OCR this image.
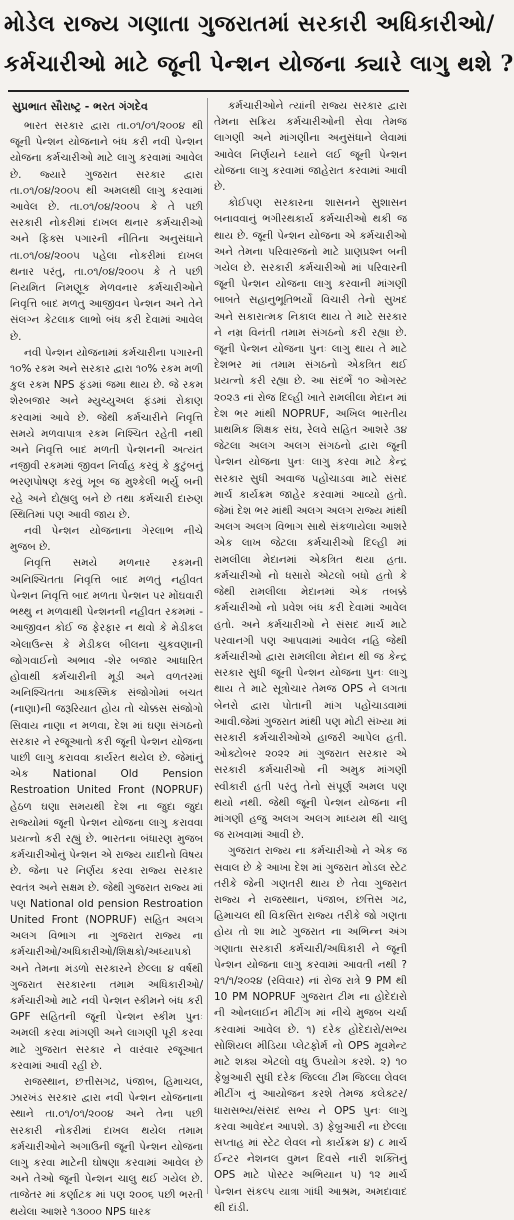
મોડેલ રાજ્ય ગણાતા ગુજરાતમાં સરકારી અધિકારીઓ/
કર્મચારીઓ માટે જૂની પેન્શન યોજના ક્યારે લાગુ થશે ?
સુપ્રભાત સૌરાષ્ટ્ર - ભરત ગંગદેવ

ભારત સરકાર દ્વારા તા.૦૧/૦૧/૨૦૦૪ થી જૂની પેન્શન યોજનાને બંધ કરી નવી પેન્શન યોજના કર્મચારીઓ માટે લાગુ કરવામાં આવેલ છે. જ્યારે ગુજરાત સરકાર દ્વારા તા.૦૧/૦૪/૨૦૦૫ થી અમલથી લાગુ કરવામાં આવેલ છે. તા.૦૧/૦૪/૨૦૦૫ કે તે પછી સરકારી નોકરીમાં દાખલ થનાર કર્મચારીઓ અને ફિક્સ પગારની નીતિના અનુસંધાને તા.૦૧/૦૪/૨૦૦૫ પહેલા નોકરીમાં દાખલ થનાર પરંતુ, તા.૦૧/૦૪/૨૦૦૫ કે તે પછી નિયમિત નિમણૂક મેળવનાર કર્મચારીઓને નિવૃત્તિ બાદ મળતુ આજીવન પેન્શન અને તેને સંલગ્ન કેટલાક લાભો બંધ કરી દેવામાં આવેલ છે.

નવી પેન્શન યોજનામાં કર્મચારીના પગારની ૧૦% રકમ અને સરકાર દ્વારા ૧૦% રકમ મળી કુલ રકમ NPS ફંડમાં જમા થાય છે. જે રકમ શેરબજાર અને મ્યુચ્યુઅલ ફંડમાં રોકાણ કરવામાં આવે છે. જેથી કર્મચારીને નિવૃત્તિ સમયે મળવાપાત્ર રકમ નિશ્ચિત રહેતી નથી અને નિવૃત્તિ બાદ મળતી પેન્શનની અત્યંત નજીવી રકમમાં જીવન નિર્વાહ કરવું કે કુટુંબનું ભરણપોષણ કરવું ખૂબ જ મુશ્કેલી ભર્યુ બની રહે અને દોહ્યલુ બને છે તથા કર્મચારી દારુણ સ્થિતિમાં પણ આવી જાય છે.

નવી પેન્શન યોજનાના ગેરલાભ નીચે મુજબ છે.

નિવૃત્તિ સમયે મળનાર રકમની અનિશ્ચિતતા નિવૃત્તિ બાદ મળતું નહીવત પેન્શન નિવૃત્તિ બાદ મળતા પેન્શન પર મોંઘવારી ભથ્થુ ન મળવાથી પેન્શનની નહીવત રકમમાં - આજીવન કોઈ જ ફેરફાર ન થવો કે મેડીકલ એલાઉન્સ કે મેડીકલ બીલના ચુકવણાની જોગવાઈનો અભાવ -શેર બજાર આધારિત હોવાથી કર્મચારીની મૂડી અને વળતરમાં અનિશ્ચિતતા આકસ્મિક સંજોગોમાં બચત (નાણા)ની જરૂરિયાત હોય તો ચોક્કસ સંજોગો સિવાય નાણા ન મળવા, દેશ માં ઘણા સંગઠનો સરકાર ને રજૂઆતો કરી જૂની પેન્શન યોજના પાછી લાગુ કરાવવા કાર્યરત થયેલ છે. જેમાંનું એક National Old Pension Restroation United Front (NOPRUF) હેઠળ ઘણા સમયથી દેશ ના જુદા જુદા રાજ્યોમાં જૂની પેન્શન યોજના લાગુ કરાવવા પ્રયત્નો કરી રહ્યું છે. ભારતના બંધારણ મુજબ કર્મચારીઓનું પેન્શન એ રાજ્ય યાદીનો વિષય છે. જેના પર નિર્ણય કરવા રાજ્ય સરકાર સ્વતંત્ર અને સક્ષમ છે. જેથી ગુજરાત રાજ્ય માં પણ National old pension Restroation United Front (NOPRUF) સહિત અલગ અલગ વિભાગ ના ગુજરાત રાજ્ય ના કર્મચારીઓ/અધિકારીઓ/શિક્ષકો/અધ્યાપકો અને તેમના મંડળો સરકારને છેલ્લા ૪ વર્ષથી ગુજરાત સરકારના તમામ અધિકારીઓ/કર્મચારીઓ માટે નવી પેન્શન સ્કીમને બંધ કરી GPF સહિતની જૂની પેન્શન સ્કીમ પુનઃ અમલી કરવા માંગણી અને લાગણી પૂરી કરવા માટે ગુજરાત સરકાર ને વારંવાર રજૂઆત કરવામાં આવી રહી છે.

રાજસ્થાન, છત્તીસગઢ, પંજાબ, હિમાચલ, ઝારખંડ સરકાર દ્વારા નવી પેન્શન યોજનાના સ્થાને તા.૦૧/૦૧/૨૦૦૪ અને તેના પછી સરકારી નોકરીમાં દાખલ થયેલ તમામ કર્મચારીઓને અગાઉની જૂની પેન્શન યોજના લાગુ કરવા માટેની ઘોષણા કરવામાં આવેલ છે અને તેઓ જૂની પેન્શન ચાલુ થઈ ગયેલ છે. તાજેતર માં કર્ણાટક માં પણ ૨૦૦૬ પછી ભરતી થયેલા આશરે ૧૩૦૦૦ NPS ધારક

કર્મચારીઓને ત્યાંની રાજ્ય સરકાર દ્વારા તેમના સક્રિય કર્મચારીઓની સેવા તેમજ લાગણી અને માંગણીના અનુસંધાને લેવામાં આવેલ નિર્ણયને ધ્યાને લઈ જૂની પેન્શન યોજના લાગુ કરવામાં જાહેરાત કરવામાં આવી છે.

કોઈપણ સરકારના શાસનને સુશાસન બનાવવાનું ભગીરથકાર્ય કર્મચારીઓ થકી જ થાય છે. જૂની પેન્શન યોજના એ કર્મચારીઓ અને તેમના પરિવારજનો માટે પ્રાણપ્રશ્ન બની ગયેલ છે. સરકારી કર્મચારીઓ માં પરિવારની જૂની પેન્શન યોજના લાગુ કરવાની માંગણી બાબતે સહાનુભૂતિભર્યો વિચારી તેનો સુખદ અને સકારાત્મક નિકાલ થાય તે માટે સરકાર ને નમ્ર વિનંતી તમામ સંગઠનો કરી રહ્યા છે. જૂની પેન્શન યોજના પુનઃ લાગુ થાય તે માટે દેશભર માં તમામ સંગઠનો એકત્રિત થઈ પ્રયત્નો કરી રહ્યા છે. આ સંદર્ભે ૧૦ ઓગસ્ટ ૨૦૨૩ નાં રોજ દિલ્હી ખાતે રામલીલા મેદાન માં દેશ ભર માંથી NOPRUF, અખિલ ભારતીય પ્રાથમિક શિક્ષક સંઘ, રેલવે સહિત આશરે ૩૪ જેટલા અલગ અલગ સંગઠનો દ્વારા જૂની પેન્શન યોજના પુનઃ લાગુ કરવા માટે કેન્દ્ર સરકાર સુધી અવાજ પહોંચાડવા માટે સંસદ માર્ચ કાર્યક્રમ જાહેર કરવામાં આવ્યો હતો. જેમાં દેશ ભર માંથી અલગ અલગ રાજ્ય માંથી અલગ અલગ વિભાગ સાથે સંકળાયેલા આશરે એક લાખ જેટલા કર્મચારીઓ દિલ્હી માં રામલીલા મેદાનમાં એકત્રિત થયા હતા. કર્મચારીઓ નો ધસારો એટલો બધો હતો કે જેથી રામલીલા મેદાનમાં એક તબક્કે કર્મચારીઓ નો પ્રવેશ બંધ કરી દેવામાં આવેલ હતો. અને કર્મચારીઓ ને સંસદ માર્ચ માટે પરવાનગી પણ આપવામાં આવેલ નહિ જેથી કર્મચારીઓ દ્વારા રામલીલા મેદાન થી જ કેન્દ્ર સરકાર સુધી જૂની પેન્શન યોજના પુનઃ લાગુ થાય તે માટે સૂત્રોચાર તેમજ OPS ને લગતા બેનરો દ્વારા પોતાની માંગ પહોંચાડવામાં આવી.જેમાં ગુજરાત માંથી પણ મોટી સંખ્યા માં સરકારી કર્મચારીઓએ હાજરી આપેલ હતી. ઓક્ટોબર ૨૦૨૨ માં ગુજરાત સરકાર એ સરકારી કર્મચારીઓ ની અમુક માંગણી સ્વીકારી હતી પરંતુ તેનો સંપૂર્ણ અમલ પણ થયો નથી. જેથી જૂની પેન્શન યોજના ની માંગણી હજુ અલગ અલગ માધ્યમ થી ચાલુ જ રાખવામાં આવી છે.

ગુજરાત રાજ્ય ના કર્મચારીઓ ને એક જ સવાલ છે કે આખા દેશ માં ગુજરાત મોડલ સ્ટેટ તરીકે જેની ગણતરી થાય છે તેવા ગુજરાત રાજ્ય ને રાજસ્થાન, પંજાબ, છત્તિસ ગઢ, હિમાચલ થી વિકસિત રાજ્ય તરીકે જો ગણતા હોય તો શા માટે ગુજરાત ના અભિન્ન અંગ ગણાતા સરકારી કર્મચારી/અધિકારી ને જૂની પેન્શન યોજના લાગુ કરવામાં આવતી નથી ? ૨૧/૧/૨૦૨૪ (રવિવાર) નાં રોજ રાત્રે 9 PM થી 10 PM NOPRUF ગુજરાત ટીમ ના હોદેદારો ની ઓનલાઈન મીટીંગ માં નીચે મુજબ ચર્ચા કરવામાં આવેલ છે. ૧) દરેક હોદેદારો/સભ્ય સોશિયલ મીડિયા પ્લેટફોર્મ નો OPS મૂવમેન્ટ માટે શક્ય એટલો વધુ ઉપયોગ કરશે. ૨) ૧૦ ફેબ્રુઆરી સુધી દરેક જિલ્લા ટીમ જિલ્લા લેવલ મીટીંગ નું આયોજન કરશે તેમજ કલેક્ટર/ધારાસભ્ય/સંસદ સભ્ય ને OPS પુનઃ લાગુ કરવા આવેદન આપશે. ૩) ફેબ્રુઆરી ના છેલ્લા સપ્તાહ માં સ્ટેટ લેવલ નો કાર્યક્રમ ૪) ૮ માર્ચ ઈન્ટર નેશનલ વુમન દિવસે નારી શક્તિનું OPS માટે પોસ્ટર અભિયાન ૫) ૧૨ માર્ચ પેન્શન સંકલ્પ યાત્રા ગાંધી આશ્રમ, અમદાવાદ થી દાંડી.
